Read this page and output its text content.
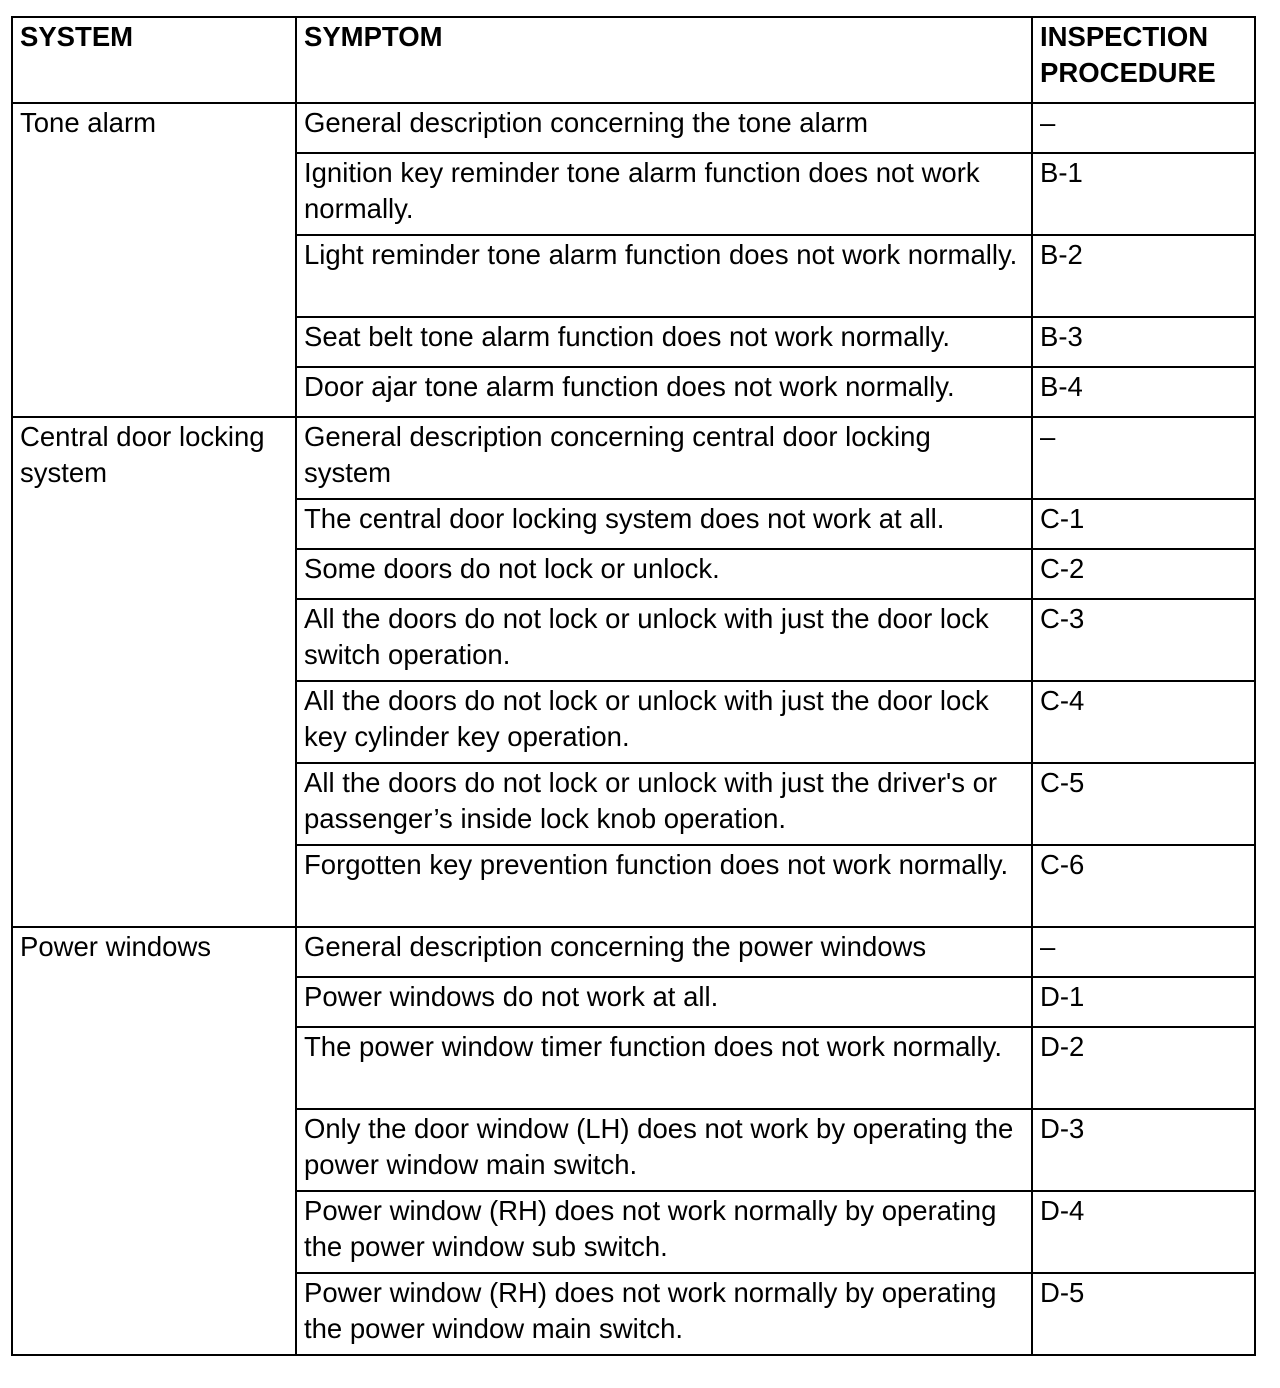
SYSTEM	SYMPTOM	INSPECTION
PROCEDURE
Tone alarm	General description concerning the tone alarm	–
	Ignition key reminder tone alarm function does not work normally.	B-1
	Light reminder tone alarm function does not work normally.	B-2
	Seat belt tone alarm function does not work normally.	B-3
	Door ajar tone alarm function does not work normally.	B-4
Central door locking system	General description concerning central door locking system	–
	The central door locking system does not work at all.	C-1
	Some doors do not lock or unlock.	C-2
	All the doors do not lock or unlock with just the door lock switch operation.	C-3
	All the doors do not lock or unlock with just the door lock key cylinder key operation.	C-4
	All the doors do not lock or unlock with just the driver's or passenger’s inside lock knob operation.	C-5
	Forgotten key prevention function does not work normally.	C-6
Power windows	General description concerning the power windows	–
	Power windows do not work at all.	D-1
	The power window timer function does not work normally.	D-2
	Only the door window (LH) does not work by operating the power window main switch.	D-3
	Power window (RH) does not work normally by operating the power window sub switch.	D-4
	Power window (RH) does not work normally by operating the power window main switch.	D-5
